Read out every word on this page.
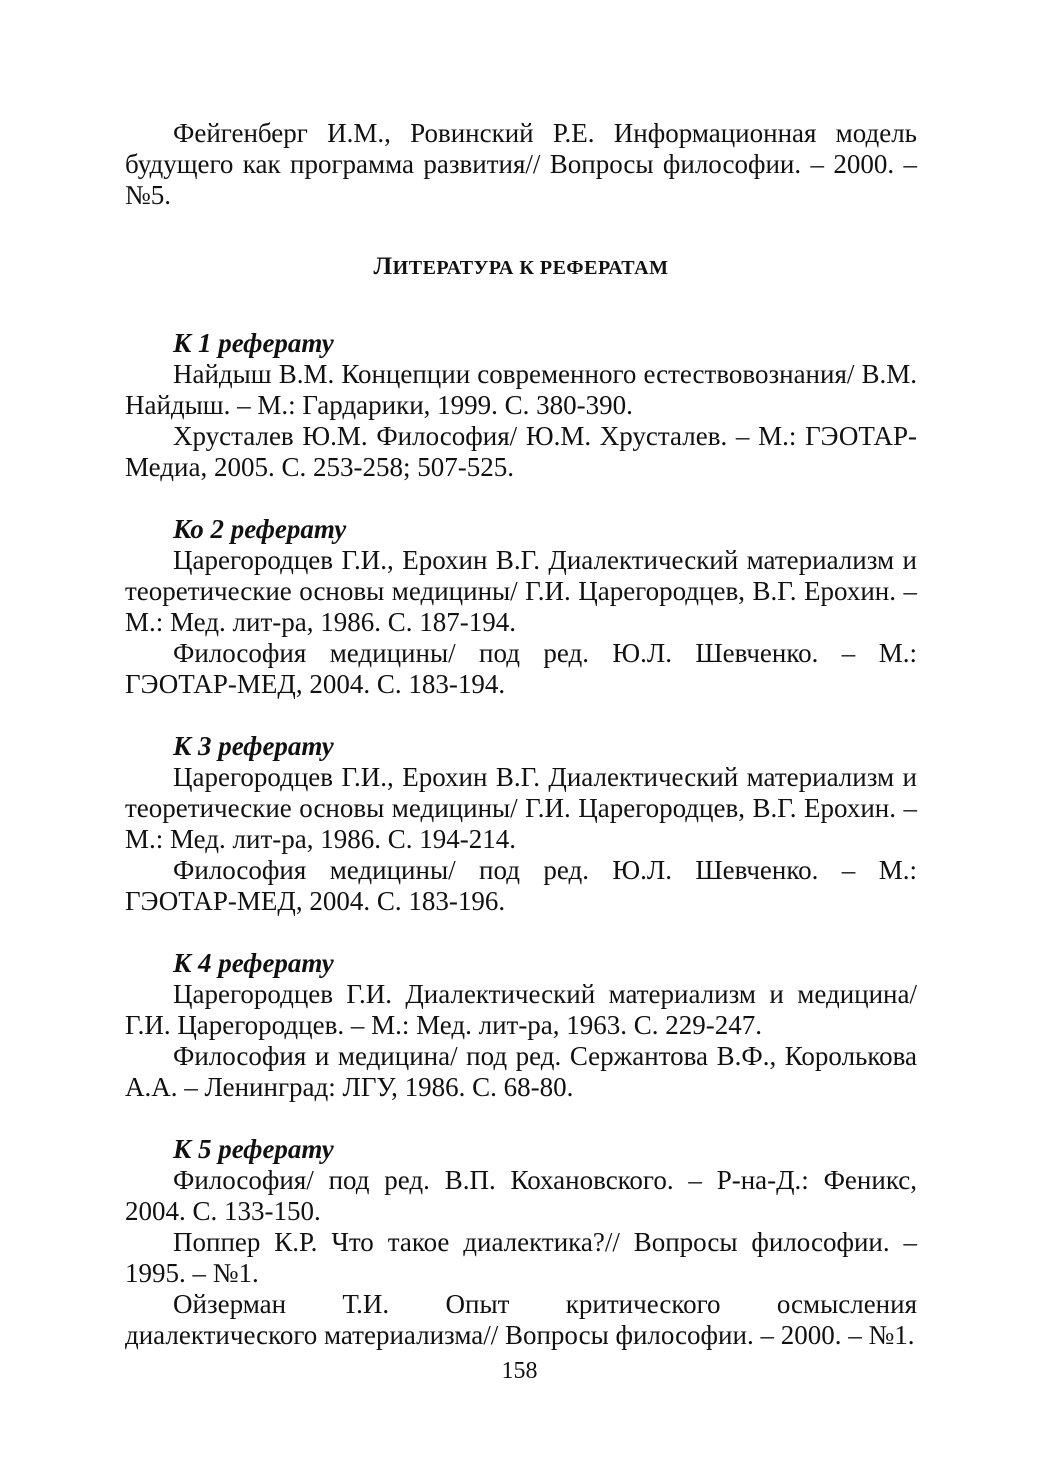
Фейгенберг И.М., Ровинский Р.Е. Информационная модель будущего как программа развития// Вопросы философии. – 2000. – №5.

ЛИТЕРАТУРА К РЕФЕРАТАМ
К 1 реферату

Найдыш В.М. Концепции современного естествовознания/ В.М. Найдыш. – М.: Гардарики, 1999. С. 380-390.

Хрусталев Ю.М. Философия/ Ю.М. Хрусталев. – М.: ГЭОТАР-Медиа, 2005. С. 253-258; 507-525.

Ко 2 реферату

Царегородцев Г.И., Ерохин В.Г. Диалектический материализм и теоретические основы медицины/ Г.И. Царегородцев, В.Г. Ерохин. – М.: Мед. лит-ра, 1986. С. 187-194.

Философия медицины/ под ред. Ю.Л. Шевченко. – М.: ГЭОТАР-МЕД, 2004. С. 183-194.

К 3 реферату

Царегородцев Г.И., Ерохин В.Г. Диалектический материализм и теоретические основы медицины/ Г.И. Царегородцев, В.Г. Ерохин. – М.: Мед. лит-ра, 1986. С. 194-214.

Философия медицины/ под ред. Ю.Л. Шевченко. – М.: ГЭОТАР-МЕД, 2004. С. 183-196.

К 4 реферату

Царегородцев Г.И. Диалектический материализм и медицина/ Г.И. Царегородцев. – М.: Мед. лит-ра, 1963. С. 229-247.

Философия и медицина/ под ред. Сержантова В.Ф., Королькова А.А. – Ленинград: ЛГУ, 1986. С. 68-80.

К 5 реферату

Философия/ под ред. В.П. Кохановского. – Р-на-Д.: Феникс, 2004. С. 133-150.

Поппер К.Р. Что такое диалектика?// Вопросы философии. – 1995. – №1.

Ойзерман Т.И. Опыт критического осмысления диалектического материализма// Вопросы философии. – 2000. – №1.

158
